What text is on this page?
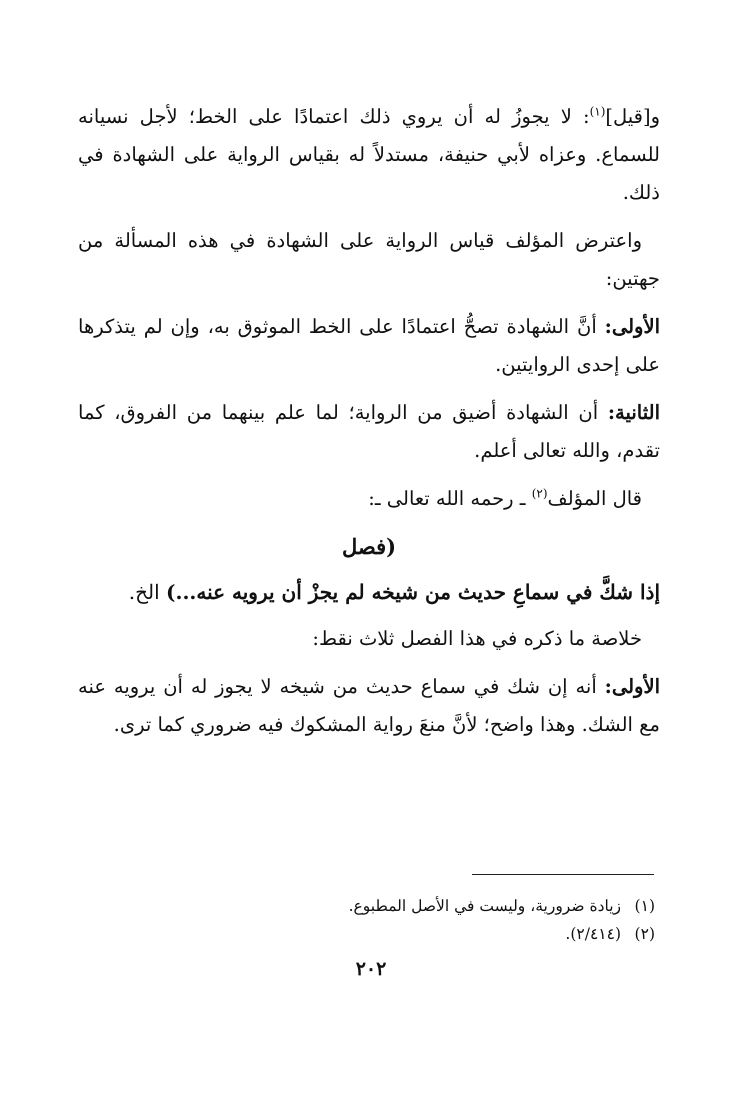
و[قيل]$^{(١)}$: لا يجوزُ له أن يروي ذلك اعتمادًا على الخط؛ لأجل نسيانه للسماع. وعزاه لأبي حنيفة، مستدلاً له بقياس الرواية على الشهادة في ذلك.

واعترض المؤلف قياس الرواية على الشهادة في هذه المسألة من جهتين:

الأولى: أنَّ الشهادة تصحُّ اعتمادًا على الخط الموثوق به، وإن لم يتذكرها على إحدى الروايتين.

الثانية: أن الشهادة أضيق من الرواية؛ لما علم بينهما من الفروق، كما تقدم، والله تعالى أعلم.

قال المؤلف$^{(٢)}$ ـ رحمه الله تعالى ـ:

(فصل

إذا شكَّ في سماعِ حديث من شيخه لم يجزْ أن يرويه عنه...) الخ.

خلاصة ما ذكره في هذا الفصل ثلاث نقط:

الأولى: أنه إن شك في سماع حديث من شيخه لا يجوز له أن يرويه عنه مع الشك. وهذا واضح؛ لأنَّ منعَ رواية المشكوك فيه ضروري كما ترى.

(١)زيادة ضرورية، وليست في الأصل المطبوع.
(٢)(٢/٤١٤).
٢٠٢
